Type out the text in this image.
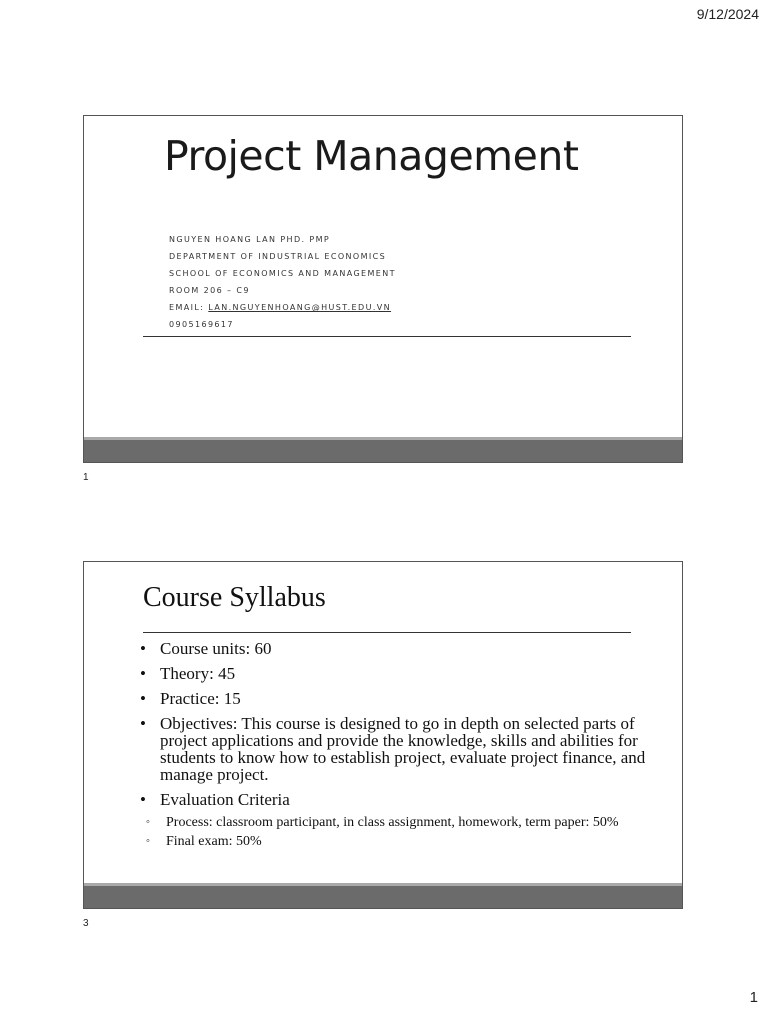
9/12/2024
Project Management
NGUYEN HOANG LAN PHD. PMP
DEPARTMENT OF INDUSTRIAL ECONOMICS
SCHOOL OF ECONOMICS AND MANAGEMENT
ROOM 206 – C9
EMAIL: LAN.NGUYENHOANG@HUST.EDU.VN
0905169617
1
Course Syllabus
• Course units: 60
• Theory: 45
• Practice: 15
• Objectives: This course is designed to go in depth on selected parts of project applications and provide the knowledge, skills and abilities for students to know how to establish project, evaluate project finance, and manage project.
• Evaluation Criteria
◦ Process: classroom participant, in class assignment, homework, term paper: 50%
◦ Final exam: 50%
3
1
